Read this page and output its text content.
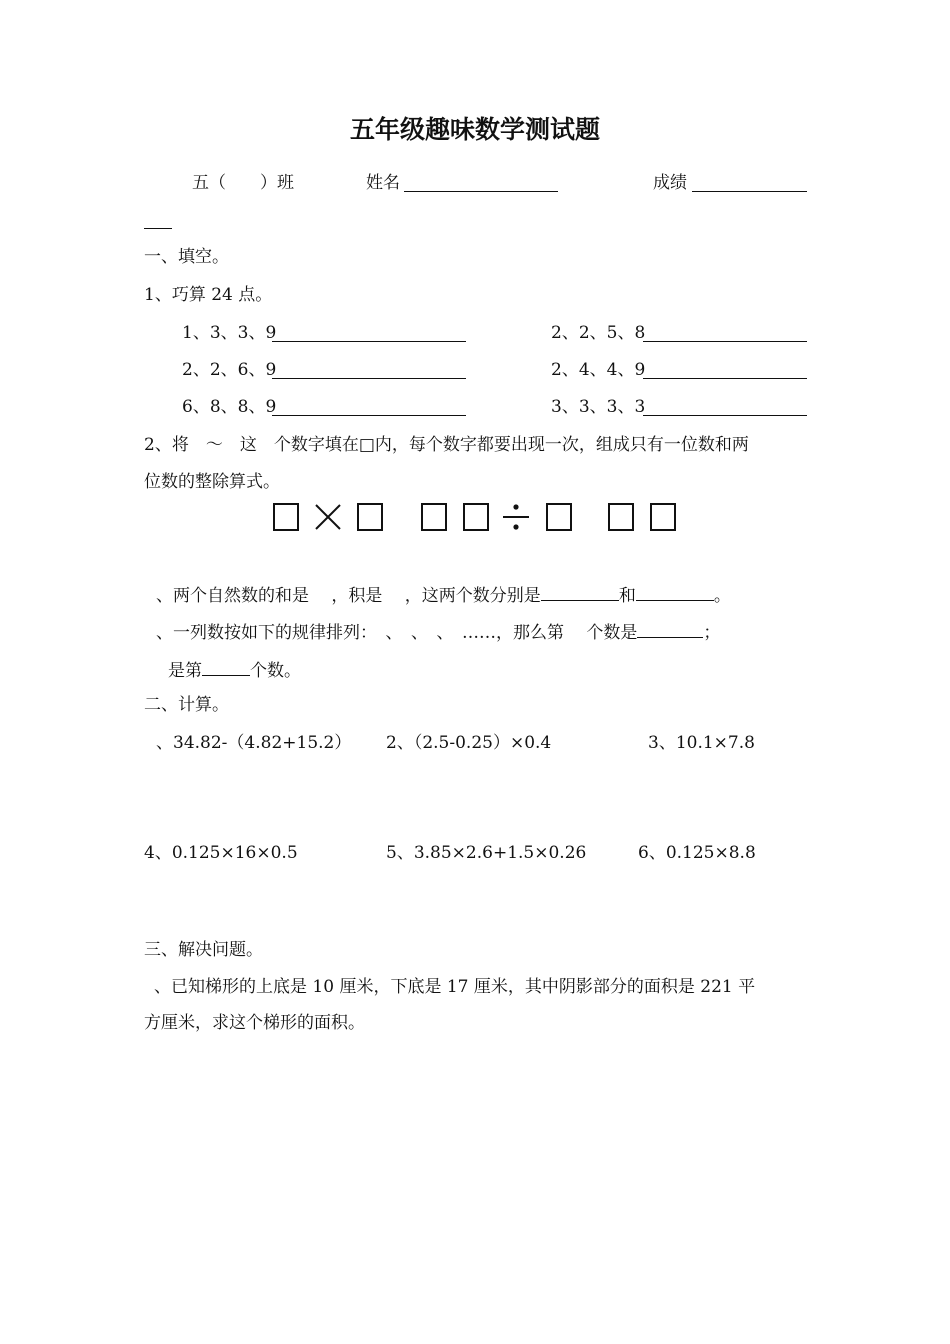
五年级趣味数学测试题
五（　　）班	姓名	成绩
一、填空。
1、巧算 24 点。
1、3、3、9	2、2、5、8
2、2、6、9	2、4、4、9
6、8、8、9	3、3、3、3
2、将　～　这　个数字填在□内，每个数字都要出现一次，组成只有一位数和两
位数的整除算式。
、两个自然数的和是　 ，积是　 ，这两个数分别是	和	。
、一列数按如下的规律排列：　、　、　、　……，那么第　 个数是	；
是第	个数。
二、计算。
、34.82-（4.82+15.2） 2、（2.5-0.25）×0.4	3、10.1×7.8
4、0.125×16×0.5	5、3.85×2.6+1.5×0.26	6、0.125×8.8
三、解决问题。
、已知梯形的上底是 10 厘米，下底是 17 厘米，其中阴影部分的面积是 221 平
方厘米，求这个梯形的面积。
